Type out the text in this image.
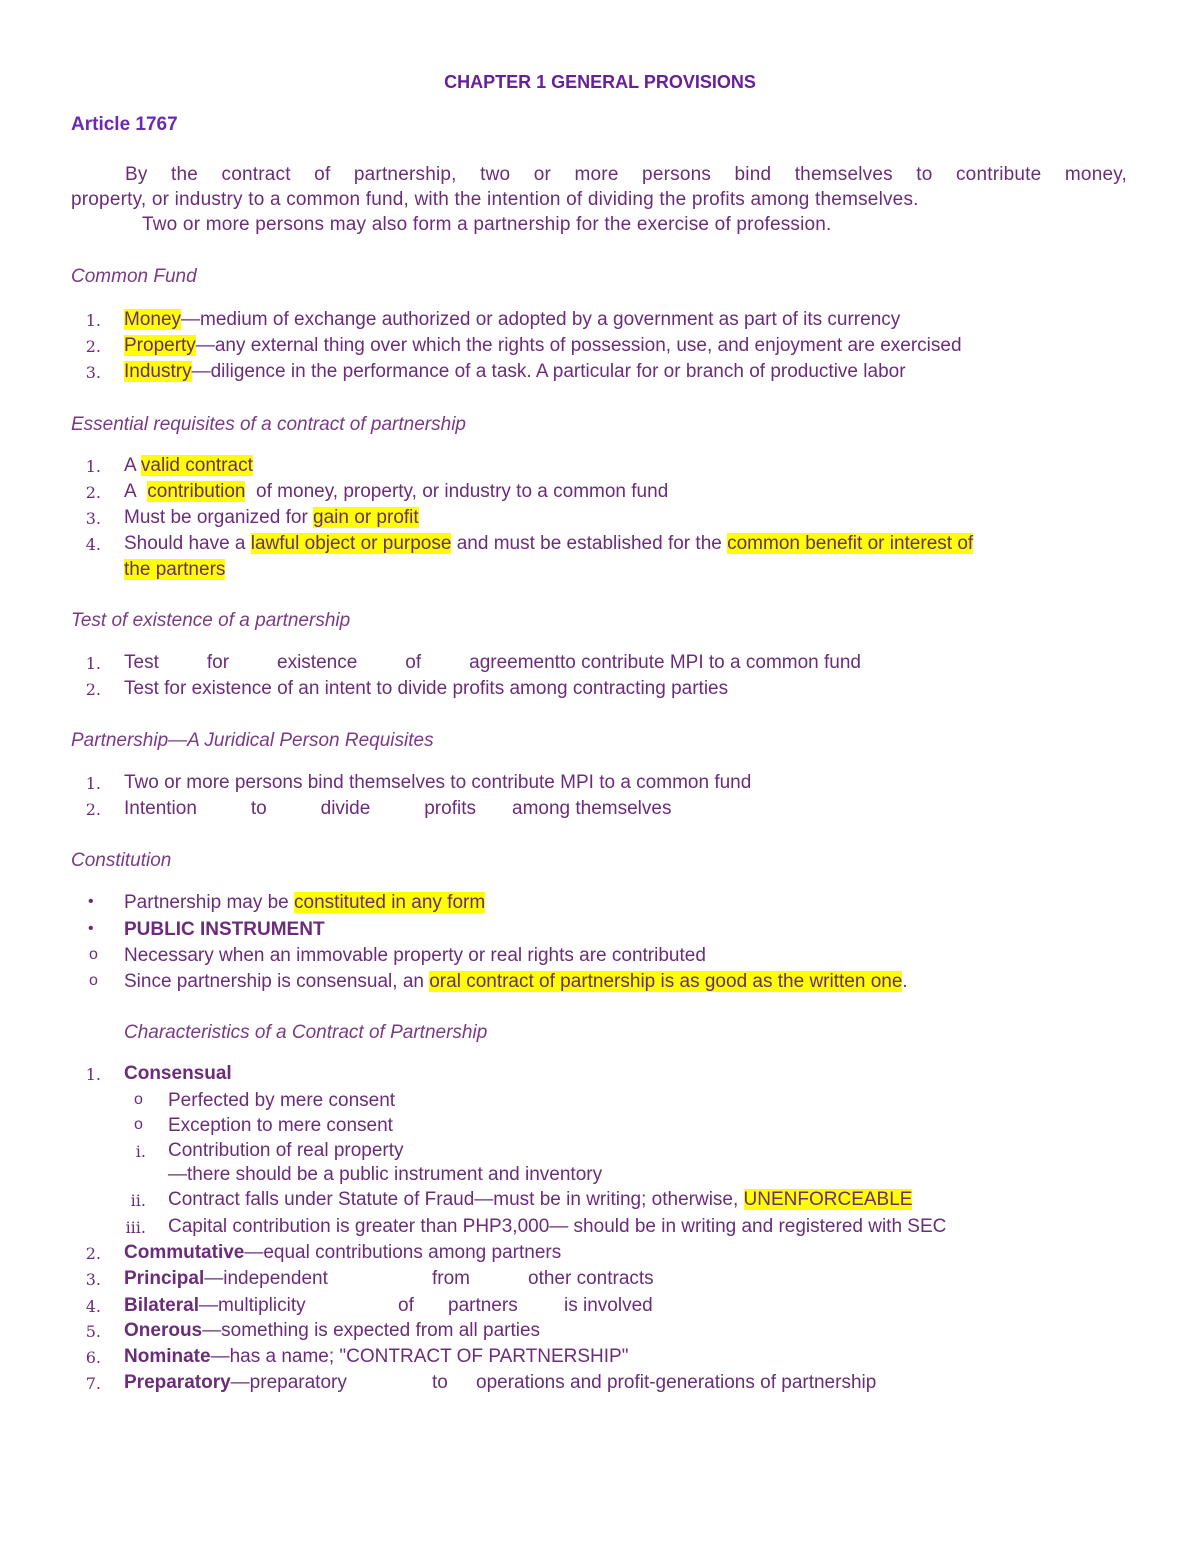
CHAPTER 1 GENERAL PROVISIONS
Article 1767
By the contract of partnership, two or more persons bind themselves to contribute money,
property, or industry to a common fund, with the intention of dividing the profits among themselves.
Two or more persons may also form a partnership for the exercise of profession.
Common Fund
1. Money—medium of exchange authorized or adopted by a government as part of its currency
2. Property—any external thing over which the rights of possession, use, and enjoyment are exercised
3. Industry—diligence in the performance of a task. A particular for or branch of productive labor
Essential requisites of a contract of partnership
1. A valid contract
2. A contribution of money, property, or industry to a common fund
3. Must be organized for gain or profit
4. Should have a lawful object or purpose and must be established for the common benefit or interest of
the partners
Test of existence of a partnership
1. Test	for	existence	of	agreement to contribute MPI to a common fund
2. Test for existence of an intent to divide profits among contracting parties
Partnership—A Juridical Person Requisites
1. Two or more persons bind themselves to contribute MPI to a common fund
2. Intention	to	divide	profits among themselves
Constitution
• Partnership may be constituted in any form
• PUBLIC INSTRUMENT
o Necessary when an immovable property or real rights are contributed
o Since partnership is consensual, an oral contract of partnership is as good as the written one.
Characteristics of a Contract of Partnership
1. Consensual
o Perfected by mere consent
o Exception to mere consent
i. Contribution of real property
—there should be a public instrument and inventory
ii. Contract falls under Statute of Fraud—must be in writing; otherwise, UNENFORCEABLE
iii. Capital contribution is greater than PHP3,000— should be in writing and registered with SEC
2. Commutative—equal contributions among partners
3. Principal—independent	from	other contracts
4. Bilateral—multiplicity	of partners is involved
5. Onerous—something is expected from all parties
6. Nominate—has a name; "CONTRACT OF PARTNERSHIP"
7. Preparatory—preparatory	to operations and profit-generations of partnership
